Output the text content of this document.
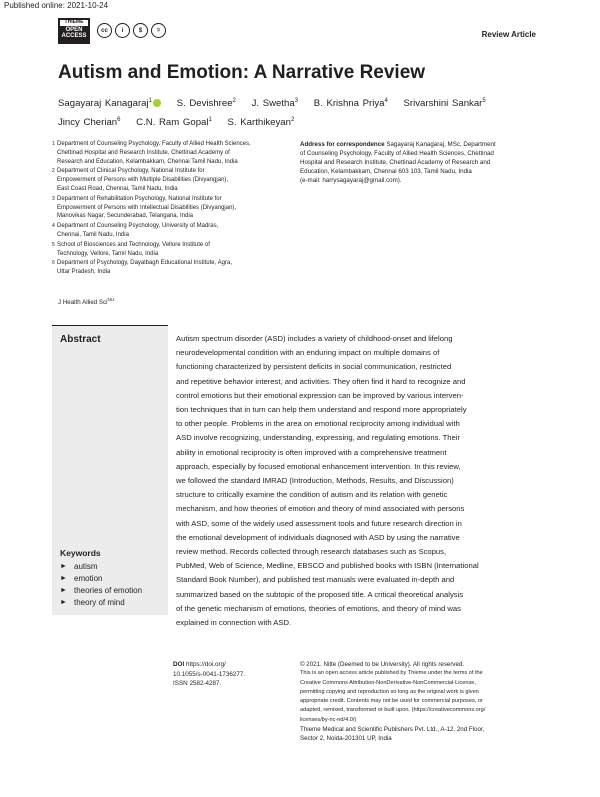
Published online: 2021-10-24
THIEME
OPEN
ACCESS
cc	i	$	=	Review Article
Autism and Emotion: A Narrative Review
Sagayaraj Kanagaraj$^1$	S. Devishree$^2$ J. Swetha$^3$ B. Krishna Priya$^4$ Srivarshini Sankar$^5$
Jincy Cherian$^6$ C.N. Ram Gopal$^1$ S. Karthikeyan$^2$
1 Department of Counseling Psychology, Faculty of Allied Health Sciences,
Chettinad Hospital and Research Institute, Chettinad Academy of
Research and Education, Kelambakkam, Chennai Tamil Nadu, India
2 Department of Clinical Psychology, National Institute for
Empowerment of Persons with Multiple Disabilities (Divyangjan),
East Coast Road, Chennai, Tamil Nadu, India
3 Department of Rehabilitation Psychology, National Institute for
Empowerment of Persons with Intellectual Disabilities (Divyangjan),
Manovikas Nagar, Secunderabad, Telangana, India
4 Department of Counseling Psychology, University of Madras,
Chennai, Tamil Nadu, India
5 School of Biosciences and Technology, Vellore Institute of
Technology, Vellore, Tamil Nadu, India
6 Department of Psychology, Dayalbagh Educational Institute, Agra,
Uttar Pradesh, India
Address for correspondence Sagayaraj Kanagaraj, MSc, Department
of Counseling Psychology, Faculty of Allied Health Sciences, Chettinad
Hospital and Research Institute, Chettinad Academy of Research and
Education, Kelambakkam, Chennai 603 103, Tamil Nadu, India
(e-mail: harrysagayaraj@gmail.com).
J Health Allied Sci$^{NU}$
Abstract	Autism spectrum disorder (ASD) includes a variety of childhood-onset and lifelong
neurodevelopmental condition with an enduring impact on multiple domains of
functioning characterized by persistent deficits in social communication, restricted
and repetitive behavior interest, and activities. They often find it hard to recognize and
control emotions but their emotional expression can be improved by various interven-
tion techniques that in turn can help them understand and respond more appropriately
to other people. Problems in the area on emotional reciprocity among individual with
ASD involve recognizing, understanding, expressing, and regulating emotions. Their
ability in emotional reciprocity is often improved with a comprehensive treatment
approach, especially by focused emotional enhancement intervention. In this review,
we followed the standard IMRAD (Introduction, Methods, Results, and Discussion)
structure to critically examine the condition of autism and its relation with genetic
mechanism, and how theories of emotion and theory of mind associated with persons
with ASD, some of the widely used assessment tools and future research direction in
the emotional development of individuals diagnosed with ASD by using the narrative
review method. Records collected through research databases such as Scopus,
PubMed, Web of Science, Medline, EBSCO and published books with ISBN (International
Standard Book Number), and published test manuals were evaluated in-depth and
summarized based on the subtopic of the proposed title. A critical theoretical analysis
of the genetic mechanism of emotions, theories of emotions, and theory of mind was
explained in connection with ASD.
Keywords
► autism
► emotion
► theories of emotion
► theory of mind
DOI https://doi.org/
10.1055/s-0041-1736277.
ISSN 2582-4287.
© 2021. Nitte (Deemed to be University). All rights reserved.
This is an open access article published by Thieme under the terms of the
Creative Commons Attribution-NonDerivative-NonCommercial-License,
permitting copying and reproduction so long as the original work is given
appropriate credit. Contents may not be used for commercial purposes, or
adapted, remixed, transformed or built upon. (https://creativecommons.org/
licenses/by-nc-nd/4.0/)
Thieme Medical and Scientific Publishers Pvt. Ltd., A-12, 2nd Floor,
Sector 2, Noida-201301 UP, India
